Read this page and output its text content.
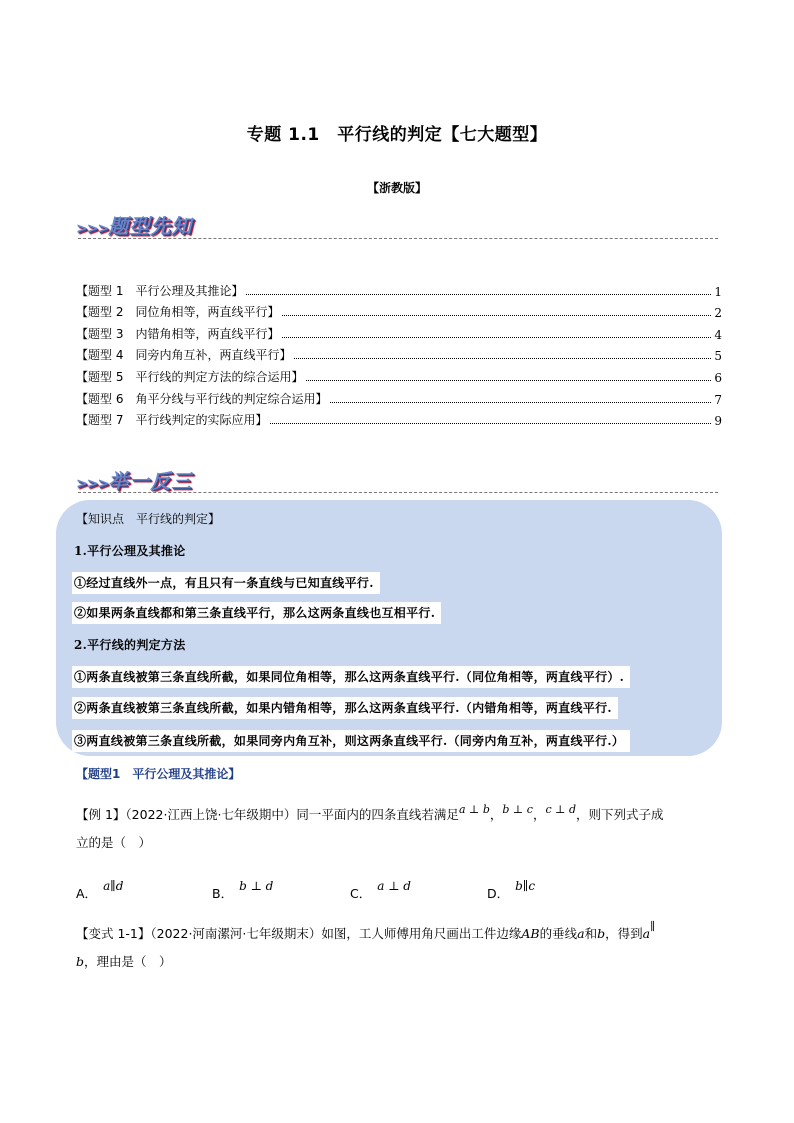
专题 1.1　平行线的判定【七大题型】
【浙教版】
>>>题型先知
【题型 1　平行公理及其推论】	1
【题型 2　同位角相等，两直线平行】	2
【题型 3　内错角相等，两直线平行】	4
【题型 4　同旁内角互补，两直线平行】	5
【题型 5　平行线的判定方法的综合运用】	6
【题型 6　角平分线与平行线的判定综合运用】	7
【题型 7　平行线判定的实际应用】	9
>>>举一反三
【知识点　平行线的判定】
1.平行公理及其推论
①经过直线外一点，有且只有一条直线与已知直线平行.
②如果两条直线都和第三条直线平行，那么这两条直线也互相平行.
2.平行线的判定方法
①两条直线被第三条直线所截，如果同位角相等，那么这两条直线平行.（同位角相等，两直线平行）.
②两条直线被第三条直线所截，如果内错角相等，那么这两条直线平行.（内错角相等，两直线平行.
③两直线被第三条直线所截，如果同旁内角互补，则这两条直线平行.（同旁内角互补，两直线平行.）
【题型1　平行公理及其推论】
【例 1】（2022·江西上饶·七年级期中）同一平面内的四条直线若满足a ⊥ b，b ⊥ c，c ⊥ d，则下列式子成
立的是（　）
A． a∥d	B． b ⊥ d	C． a ⊥ d	D． b∥c
【变式 1-1】（2022·河南漯河·七年级期末）如图，工人师傅用角尺画出工件边缘AB的垂线a和b，得到a∥
b，理由是（　）
